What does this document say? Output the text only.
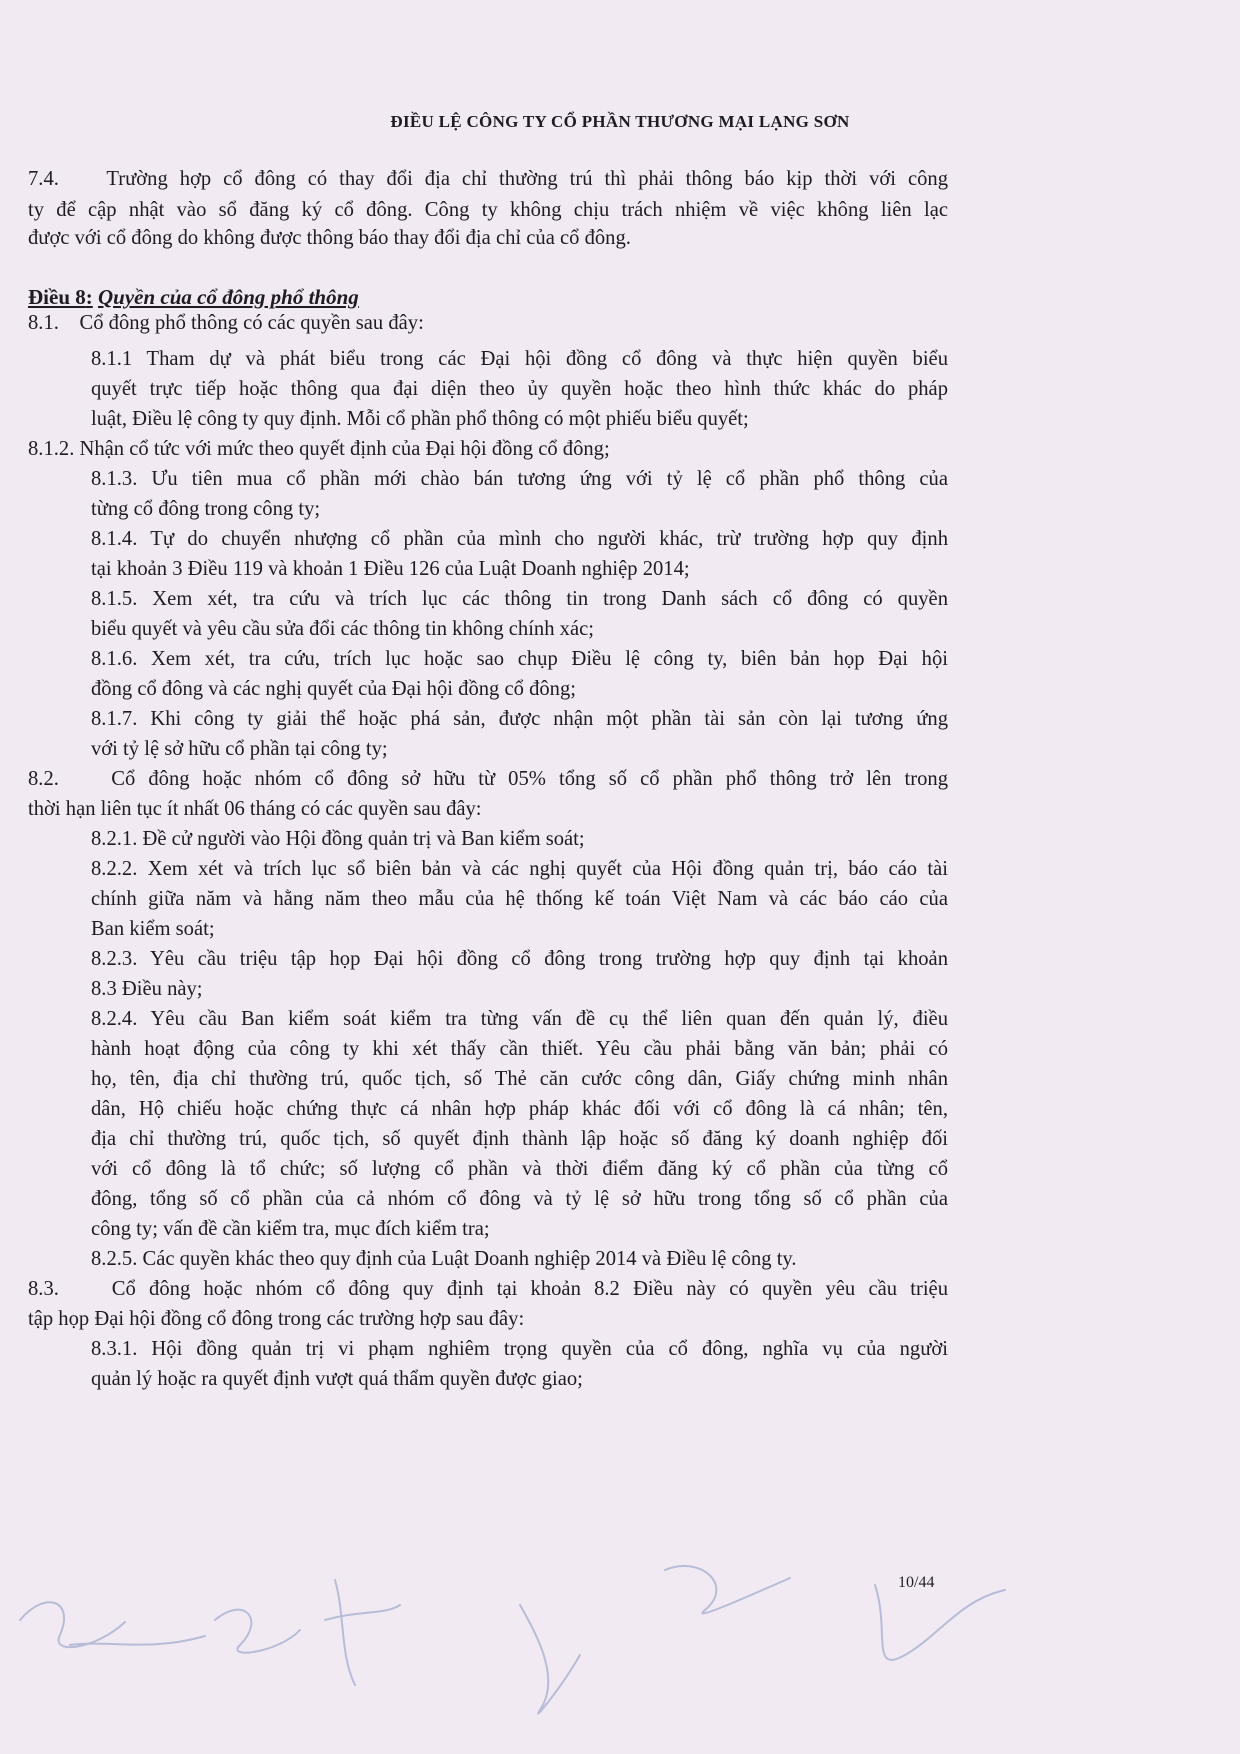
ĐIỀU LỆ CÔNG TY CỔ PHẦN THƯƠNG MẠI LẠNG SƠN
7.4.    Trường hợp cổ đông có thay đổi địa chỉ thường trú thì phải thông báo kịp thời với công
ty để cập nhật vào sổ đăng ký cổ đông. Công ty không chịu trách nhiệm về việc không liên lạc
được với cổ đông do không được thông báo thay đổi địa chỉ của cổ đông.
Điều 8: Quyền của cổ đông phổ thông
8.1.    Cổ đông phổ thông có các quyền sau đây:
8.1.1 Tham dự và phát biểu trong các Đại hội đồng cổ đông và thực hiện quyền biểu
quyết trực tiếp hoặc thông qua đại diện theo ủy quyền hoặc theo hình thức khác do pháp
luật, Điều lệ công ty quy định. Mỗi cổ phần phổ thông có một phiếu biểu quyết;
8.1.2. Nhận cổ tức với mức theo quyết định của Đại hội đồng cổ đông;
8.1.3. Ưu tiên mua cổ phần mới chào bán tương ứng với tỷ lệ cổ phần phổ thông của
từng cổ đông trong công ty;
8.1.4. Tự do chuyển nhượng cổ phần của mình cho người khác, trừ trường hợp quy định
tại khoản 3 Điều 119 và khoản 1 Điều 126 của Luật Doanh nghiệp 2014;
8.1.5. Xem xét, tra cứu và trích lục các thông tin trong Danh sách cổ đông có quyền
biểu quyết và yêu cầu sửa đổi các thông tin không chính xác;
8.1.6. Xem xét, tra cứu, trích lục hoặc sao chụp Điều lệ công ty, biên bản họp Đại hội
đồng cổ đông và các nghị quyết của Đại hội đồng cổ đông;
8.1.7. Khi công ty giải thể hoặc phá sản, được nhận một phần tài sản còn lại tương ứng
với tỷ lệ sở hữu cổ phần tại công ty;
8.2.    Cổ đông hoặc nhóm cổ đông sở hữu từ 05% tổng số cổ phần phổ thông trở lên trong
thời hạn liên tục ít nhất 06 tháng có các quyền sau đây:
8.2.1. Đề cử người vào Hội đồng quản trị và Ban kiểm soát;
8.2.2. Xem xét và trích lục sổ biên bản và các nghị quyết của Hội đồng quản trị, báo cáo tài
chính giữa năm và hằng năm theo mẫu của hệ thống kế toán Việt Nam và các báo cáo của
Ban kiểm soát;
8.2.3. Yêu cầu triệu tập họp Đại hội đồng cổ đông trong trường hợp quy định tại khoản
8.3 Điều này;
8.2.4. Yêu cầu Ban kiểm soát kiểm tra từng vấn đề cụ thể liên quan đến quản lý, điều
hành hoạt động của công ty khi xét thấy cần thiết. Yêu cầu phải bằng văn bản; phải có
họ, tên, địa chỉ thường trú, quốc tịch, số Thẻ căn cước công dân, Giấy chứng minh nhân
dân, Hộ chiếu hoặc chứng thực cá nhân hợp pháp khác đối với cổ đông là cá nhân; tên,
địa chỉ thường trú, quốc tịch, số quyết định thành lập hoặc số đăng ký doanh nghiệp đối
với cổ đông là tổ chức; số lượng cổ phần và thời điểm đăng ký cổ phần của từng cổ
đông, tổng số cổ phần của cả nhóm cổ đông và tỷ lệ sở hữu trong tổng số cổ phần của
công ty; vấn đề cần kiểm tra, mục đích kiểm tra;
8.2.5. Các quyền khác theo quy định của Luật Doanh nghiệp 2014 và Điều lệ công ty.
8.3.    Cổ đông hoặc nhóm cổ đông quy định tại khoản 8.2 Điều này có quyền yêu cầu triệu
tập họp Đại hội đồng cổ đông trong các trường hợp sau đây:
8.3.1. Hội đồng quản trị vi phạm nghiêm trọng quyền của cổ đông, nghĩa vụ của người
quản lý hoặc ra quyết định vượt quá thẩm quyền được giao;
10/44
